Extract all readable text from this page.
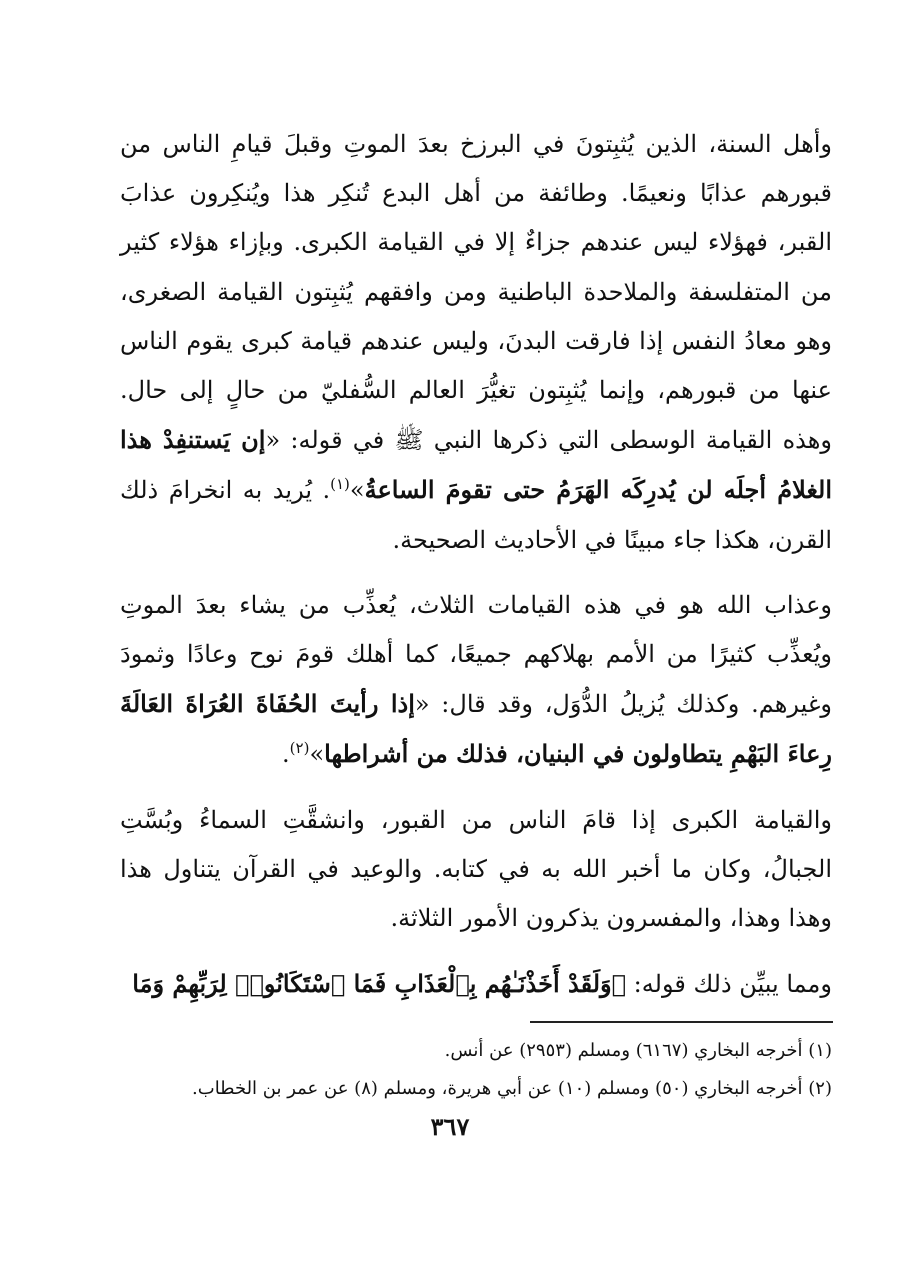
وأهل السنة، الذين يُثبِتونَ في البرزخ بعدَ الموتِ وقبلَ قيامِ الناس من قبورهم عذابًا ونعيمًا. وطائفة من أهل البدع تُنكِر هذا ويُنكِرون عذابَ القبر، فهؤلاء ليس عندهم جزاءٌ إلا في القيامة الكبرى. وبإزاء هؤلاء كثير من المتفلسفة والملاحدة الباطنية ومن وافقهم يُثبِتون القيامة الصغرى، وهو معادُ النفس إذا فارقت البدنَ، وليس عندهم قيامة كبرى يقوم الناس عنها من قبورهم، وإنما يُثبِتون تغيُّرَ العالم السُّفليّ من حالٍ إلى حال. وهذه القيامة الوسطى التي ذكرها النبي ﷺ في قوله: «إن يَستنفِدْ هذا الغلامُ أجلَه لن يُدرِكَه الهَرَمُ حتى تقومَ الساعةُ»$^{(١)}$. يُريد به انخرامَ ذلك القرن، هكذا جاء مبينًا في الأحاديث الصحيحة.

وعذاب الله هو في هذه القيامات الثلاث، يُعذِّب من يشاء بعدَ الموتِ ويُعذِّب كثيرًا من الأمم بهلاكهم جميعًا، كما أهلك قومَ نوح وعادًا وثمودَ وغيرهم. وكذلك يُزيلُ الدُّوَل، وقد قال: «إذا رأيتَ الحُفَاةَ العُرَاةَ العَالَةَ رِعاءَ البَهْمِ يتطاولون في البنيان، فذلك من أشراطها»$^{(٢)}$.

والقيامة الكبرى إذا قامَ الناس من القبور، وانشقَّتِ السماءُ وبُسَّتِ الجبالُ، وكان ما أخبر الله به في كتابه. والوعيد في القرآن يتناول هذا وهذا وهذا، والمفسرون يذكرون الأمور الثلاثة.

ومما يبيِّن ذلك قوله: ﴿وَلَقَدْ أَخَذْنَـٰهُم بِٱلْعَذَابِ فَمَا ٱسْتَكَانُوا۟ لِرَبِّهِمْ وَمَا

(١) أخرجه البخاري (٦١٦٧) ومسلم (٢٩٥٣) عن أنس.

(٢) أخرجه البخاري (٥٠) ومسلم (١٠) عن أبي هريرة، ومسلم (٨) عن عمر بن الخطاب.

٣٦٧
